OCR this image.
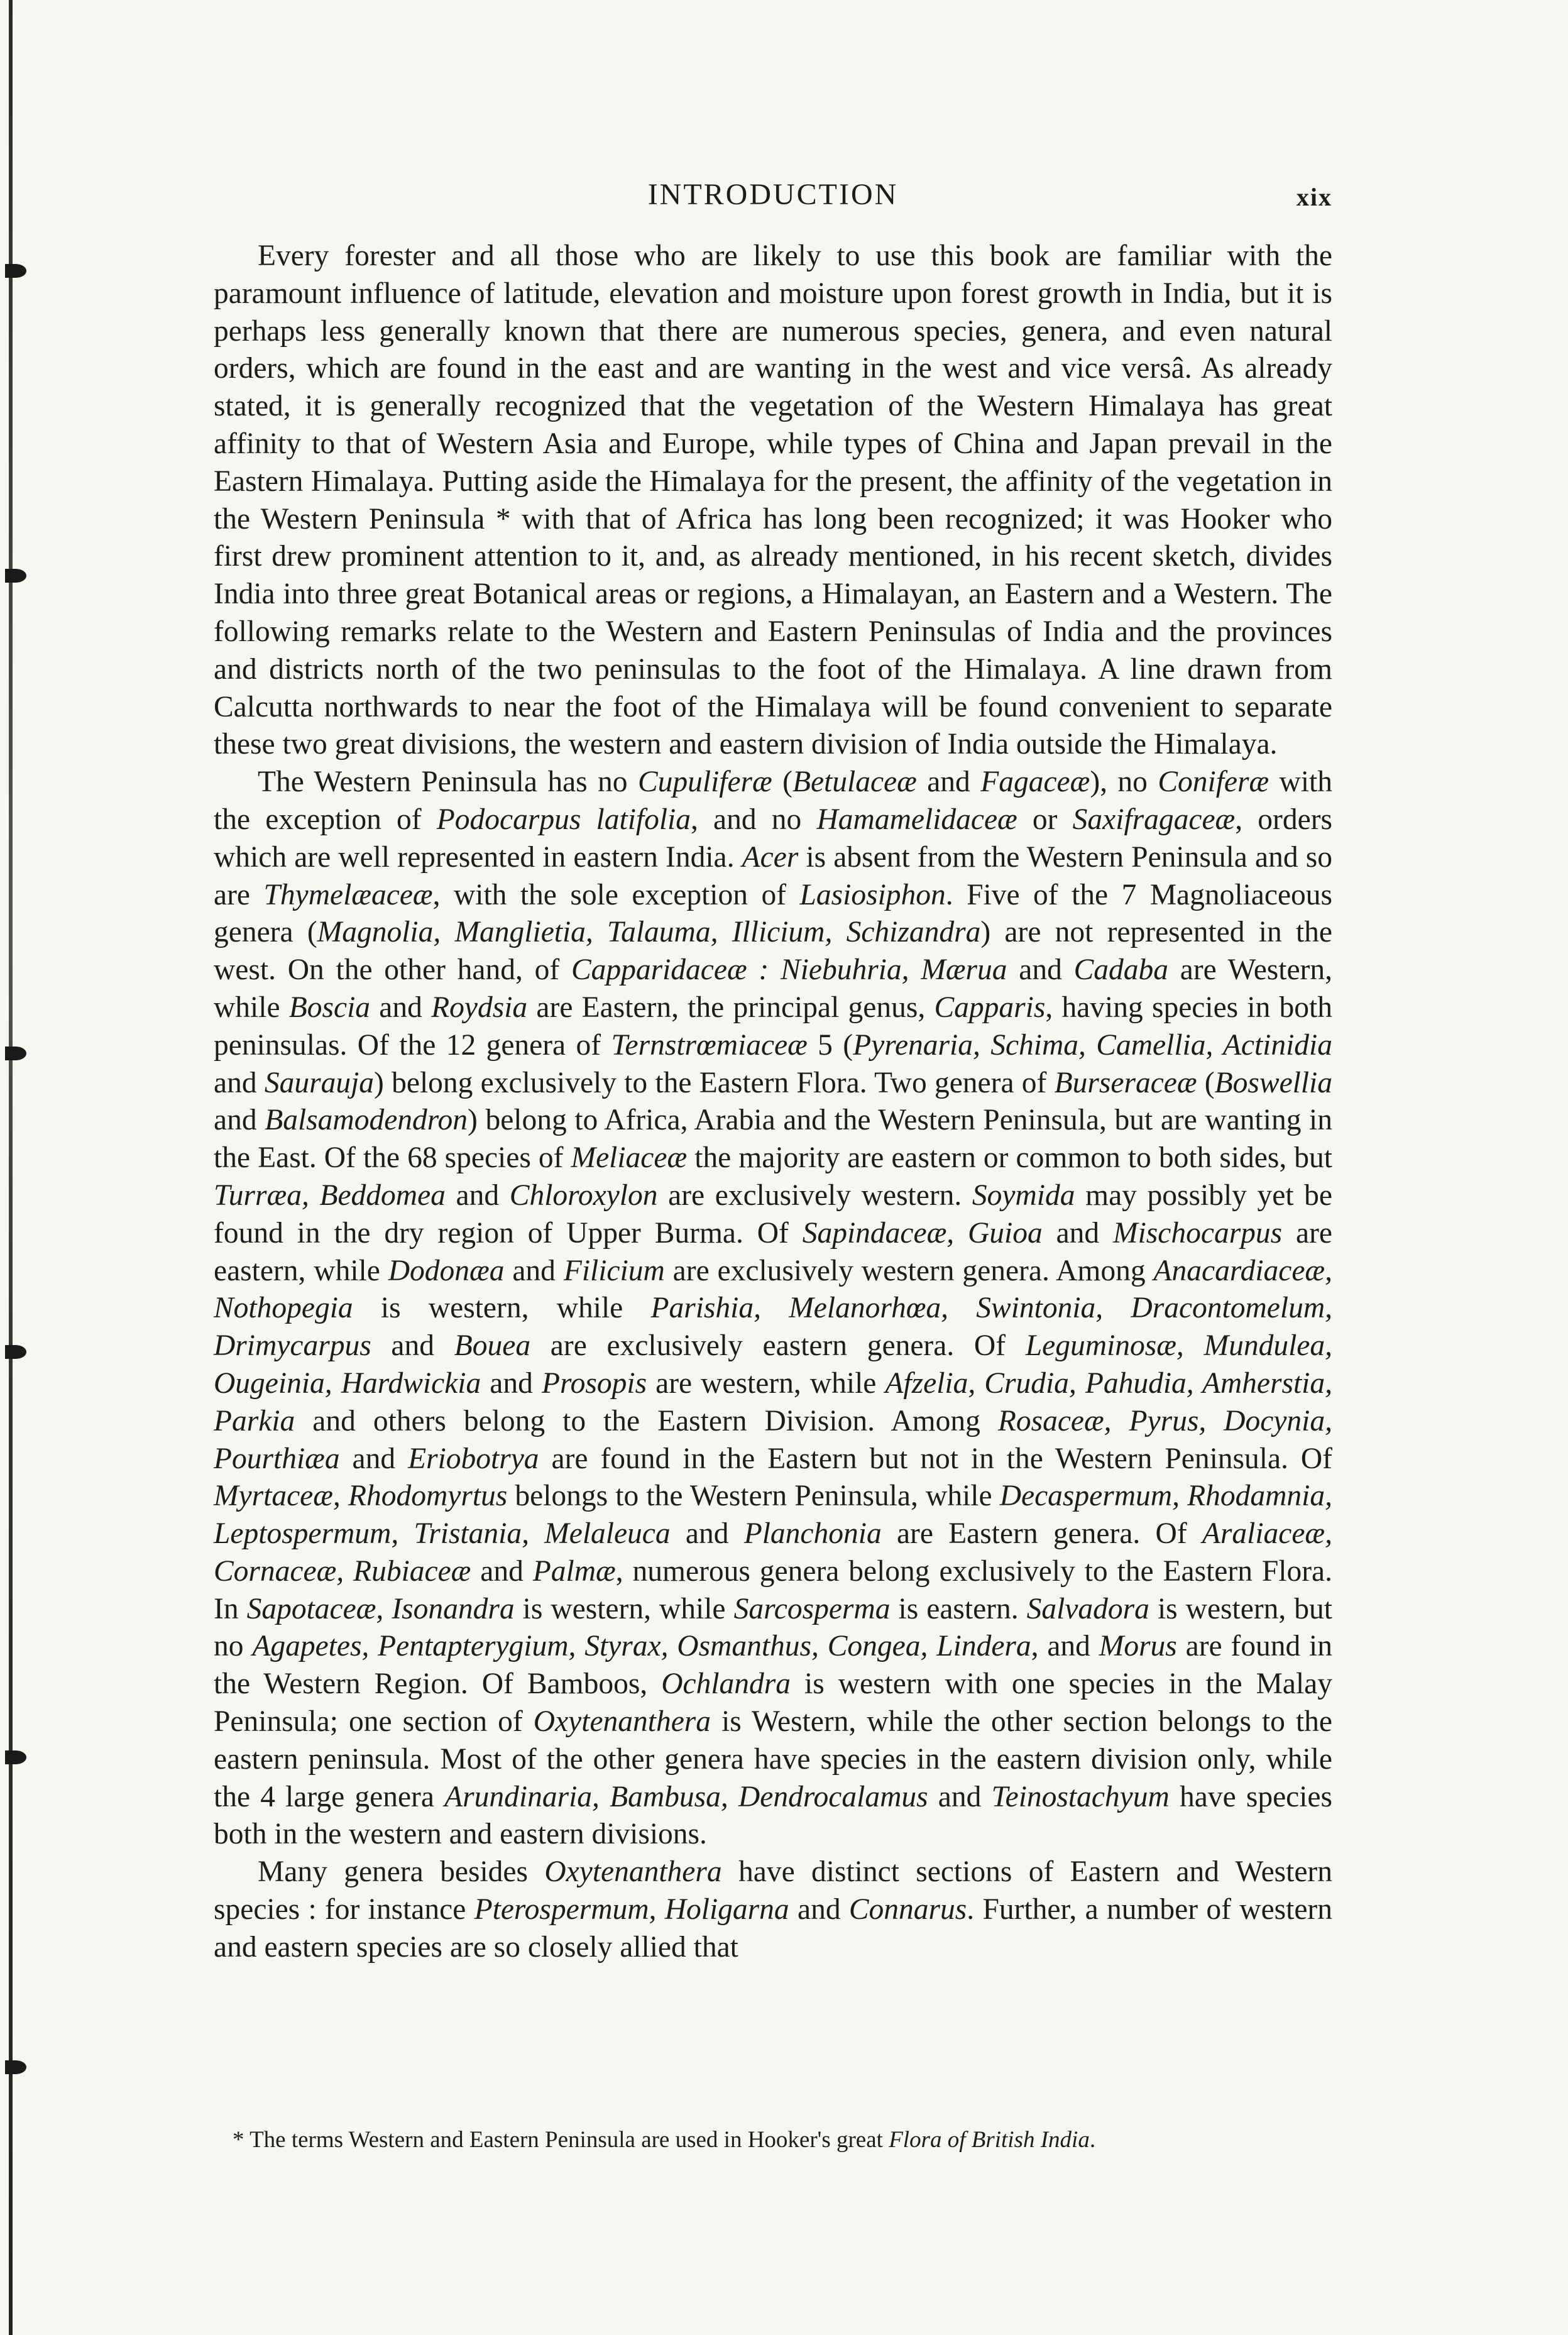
INTRODUCTION	xix

Every forester and all those who are likely to use this book are familiar with the paramount influence of latitude, elevation and moisture upon forest growth in India, but it is perhaps less generally known that there are numerous species, genera, and even natural orders, which are found in the east and are wanting in the west and vice versâ. As already stated, it is generally recognized that the vegetation of the Western Himalaya has great affinity to that of Western Asia and Europe, while types of China and Japan prevail in the Eastern Himalaya. Putting aside the Himalaya for the present, the affinity of the vegetation in the Western Peninsula * with that of Africa has long been recognized; it was Hooker who first drew prominent attention to it, and, as already mentioned, in his recent sketch, divides India into three great Botanical areas or regions, a Himalayan, an Eastern and a Western. The following remarks relate to the Western and Eastern Peninsulas of India and the provinces and districts north of the two peninsulas to the foot of the Himalaya. A line drawn from Calcutta northwards to near the foot of the Himalaya will be found convenient to separate these two great divisions, the western and eastern division of India outside the Himalaya.

The Western Peninsula has no Cupuliferæ (Betulaceæ and Fagaceæ), no Coniferæ with the exception of Podocarpus latifolia, and no Hamamelidaceæ or Saxifragaceæ, orders which are well represented in eastern India. Acer is absent from the Western Peninsula and so are Thymelæaceæ, with the sole exception of Lasiosiphon. Five of the 7 Magnoliaceous genera (Magnolia, Manglietia, Talauma, Illicium, Schizandra) are not represented in the west. On the other hand, of Capparidaceæ : Niebuhria, Mærua and Cadaba are Western, while Boscia and Roydsia are Eastern, the principal genus, Capparis, having species in both peninsulas. Of the 12 genera of Ternstrœmiaceæ 5 (Pyrenaria, Schima, Camellia, Actinidia and Saurauja) belong exclusively to the Eastern Flora. Two genera of Burseraceæ (Boswellia and Balsamodendron) belong to Africa, Arabia and the Western Peninsula, but are wanting in the East. Of the 68 species of Meliaceæ the majority are eastern or common to both sides, but Turræa, Beddomea and Chloroxylon are exclusively western. Soymida may possibly yet be found in the dry region of Upper Burma. Of Sapindaceæ, Guioa and Mischocarpus are eastern, while Dodonæa and Filicium are exclusively western genera. Among Anacardiaceæ, Nothopegia is western, while Parishia, Melanorhœa, Swintonia, Dracontomelum, Drimycarpus and Bouea are exclusively eastern genera. Of Leguminosæ, Mundulea, Ougeinia, Hardwickia and Prosopis are western, while Afzelia, Crudia, Pahudia, Amherstia, Parkia and others belong to the Eastern Division. Among Rosaceæ, Pyrus, Docynia, Pourthiæa and Eriobotrya are found in the Eastern but not in the Western Peninsula. Of Myrtaceæ, Rhodomyrtus belongs to the Western Peninsula, while Decaspermum, Rhodamnia, Leptospermum, Tristania, Melaleuca and Planchonia are Eastern genera. Of Araliaceæ, Cornaceæ, Rubiaceæ and Palmæ, numerous genera belong exclusively to the Eastern Flora. In Sapotaceæ, Isonandra is western, while Sarcosperma is eastern. Salvadora is western, but no Agapetes, Pentapterygium, Styrax, Osmanthus, Congea, Lindera, and Morus are found in the Western Region. Of Bamboos, Ochlandra is western with one species in the Malay Peninsula; one section of Oxytenanthera is Western, while the other section belongs to the eastern peninsula. Most of the other genera have species in the eastern division only, while the 4 large genera Arundinaria, Bambusa, Dendrocalamus and Teinostachyum have species both in the western and eastern divisions.

Many genera besides Oxytenanthera have distinct sections of Eastern and Western species : for instance Pterospermum, Holigarna and Connarus. Further, a number of western and eastern species are so closely allied that

* The terms Western and Eastern Peninsula are used in Hooker's great Flora of British India.
